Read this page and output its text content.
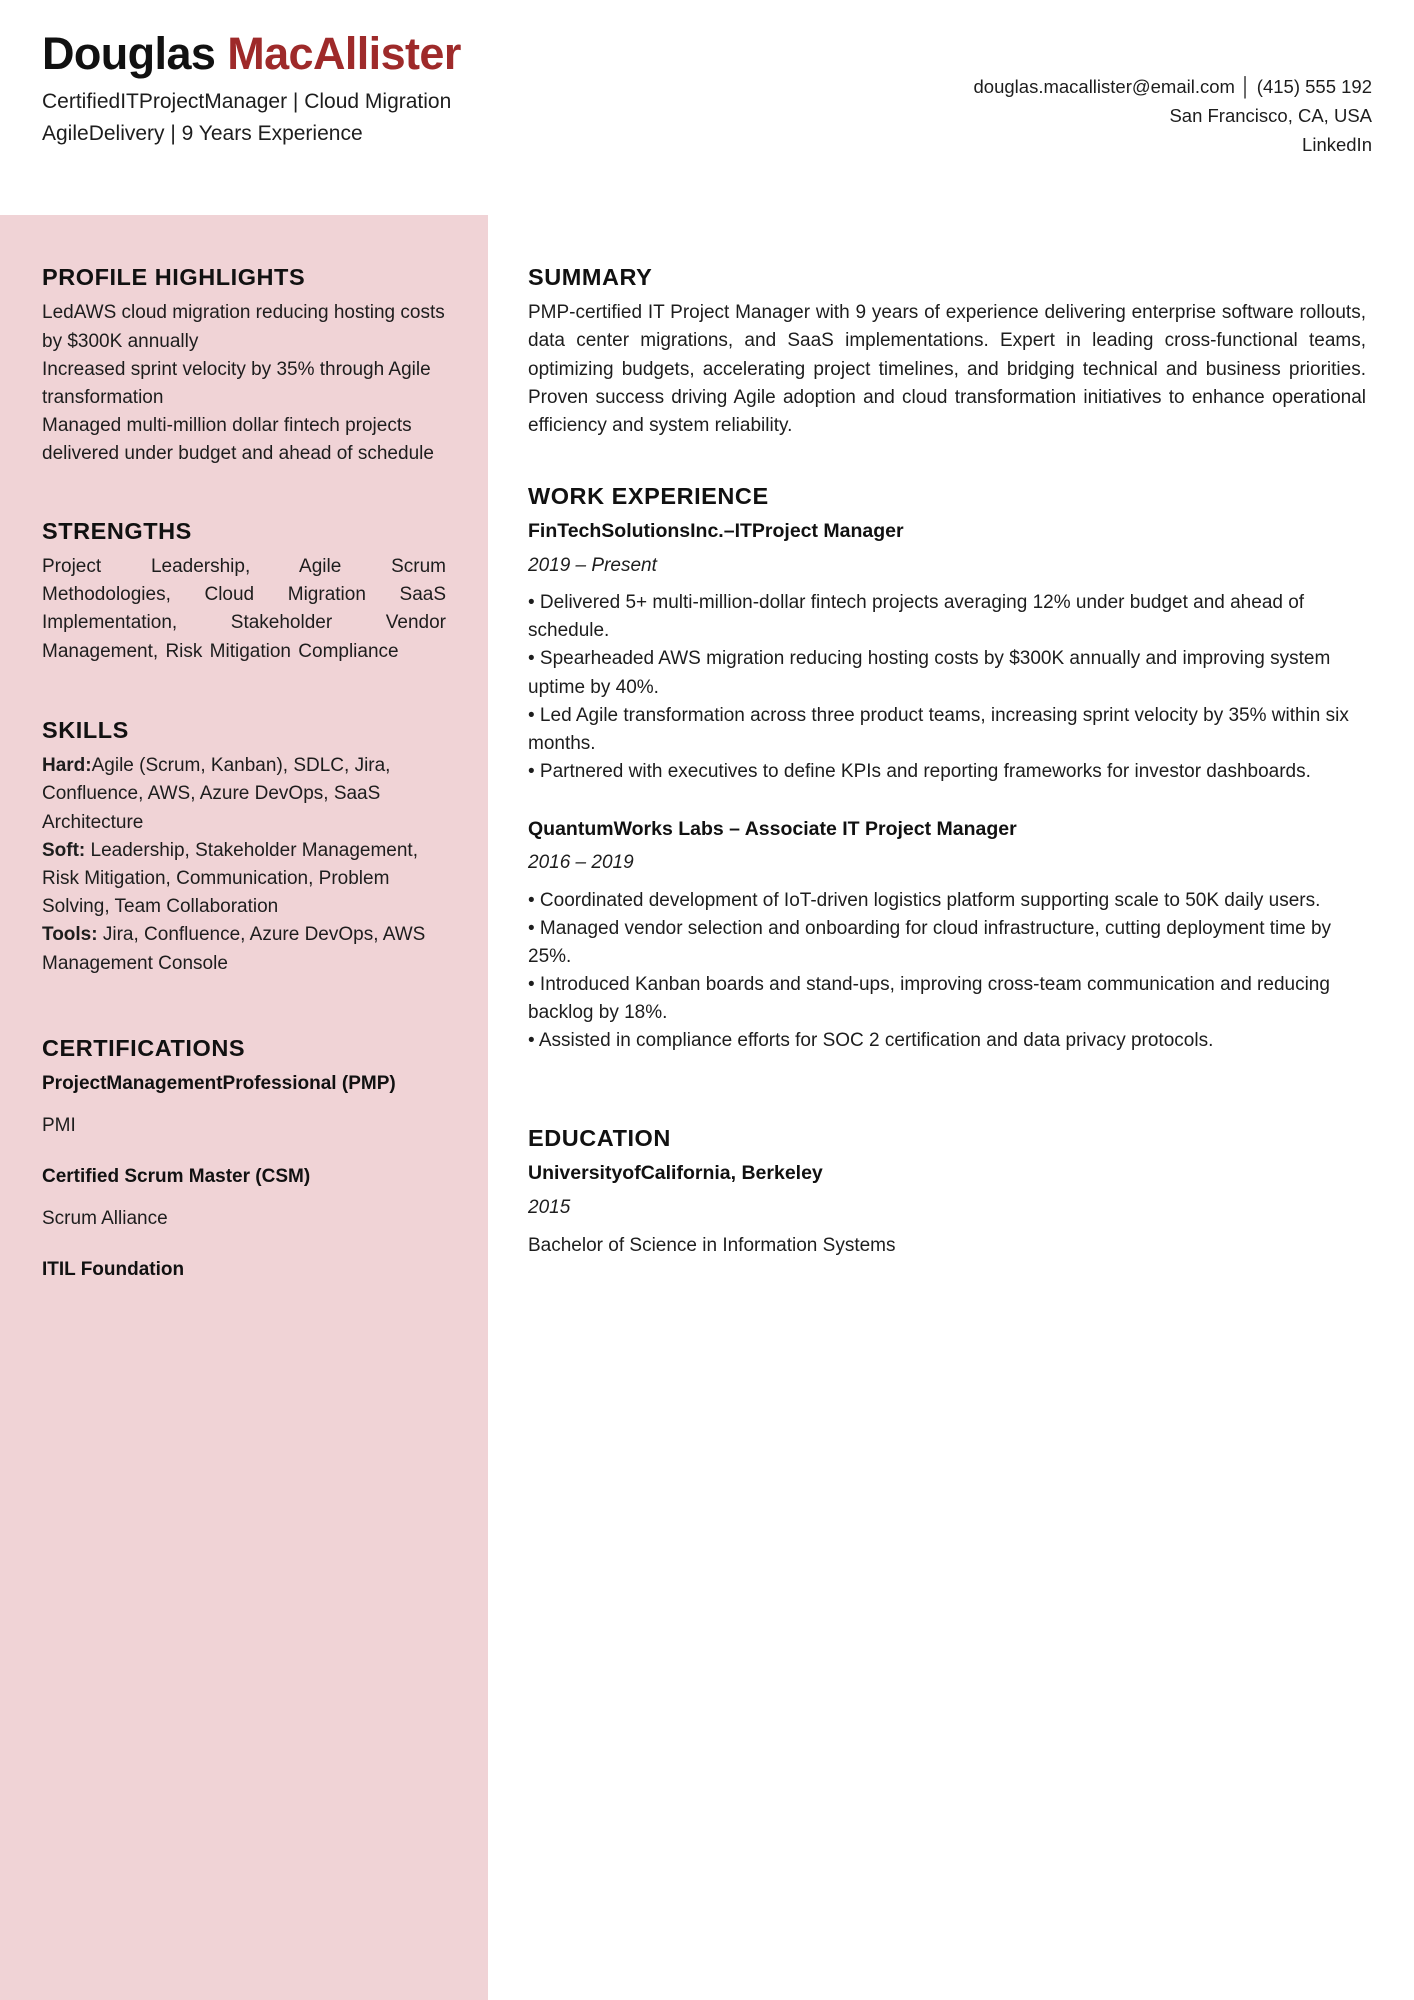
Douglas MacAllister
CertifiedITProjectManager | Cloud Migration AgileDelivery | 9 Years Experience
douglas.macallister@email.com │ (415) 555 192
San Francisco, CA, USA
LinkedIn
PROFILE HIGHLIGHTS

LedAWS cloud migration reducing hosting costs by $300K annually

Increased sprint velocity by 35% through Agile transformation

Managed multi-million dollar fintech projects delivered under budget and ahead of schedule

STRENGTHS

Project Leadership, Agile Scrum Methodologies, Cloud Migration SaaS Implementation, Stakeholder Vendor Management, Risk Mitigation Compliance

SKILLS

Hard:Agile (Scrum, Kanban), SDLC, Jira, Confluence, AWS, Azure DevOps, SaaS Architecture

Soft: Leadership, Stakeholder Management, Risk Mitigation, Communication, Problem Solving, Team Collaboration

Tools: Jira, Confluence, Azure DevOps, AWS Management Console

CERTIFICATIONS

ProjectManagementProfessional (PMP)

PMI

Certified Scrum Master (CSM)

Scrum Alliance

ITIL Foundation

SUMMARY

PMP-certified IT Project Manager with 9 years of experience delivering enterprise software rollouts, data center migrations, and SaaS implementations. Expert in leading cross-functional teams, optimizing budgets, accelerating project timelines, and bridging technical and business priorities. Proven success driving Agile adoption and cloud transformation initiatives to enhance operational efficiency and system reliability.

WORK EXPERIENCE

FinTechSolutionsInc.–ITProject Manager

2019 – Present

• Delivered 5+ multi-million-dollar fintech projects averaging 12% under budget and ahead of schedule.

• Spearheaded AWS migration reducing hosting costs by $300K annually and improving system uptime by 40%.

• Led Agile transformation across three product teams, increasing sprint velocity by 35% within six months.

• Partnered with executives to define KPIs and reporting frameworks for investor dashboards.

QuantumWorks Labs – Associate IT Project Manager

2016 – 2019

• Coordinated development of IoT-driven logistics platform supporting scale to 50K daily users.

• Managed vendor selection and onboarding for cloud infrastructure, cutting deployment time by 25%.

• Introduced Kanban boards and stand-ups, improving cross-team communication and reducing backlog by 18%.

• Assisted in compliance efforts for SOC 2 certification and data privacy protocols.

EDUCATION

UniversityofCalifornia, Berkeley

2015

Bachelor of Science in Information Systems
